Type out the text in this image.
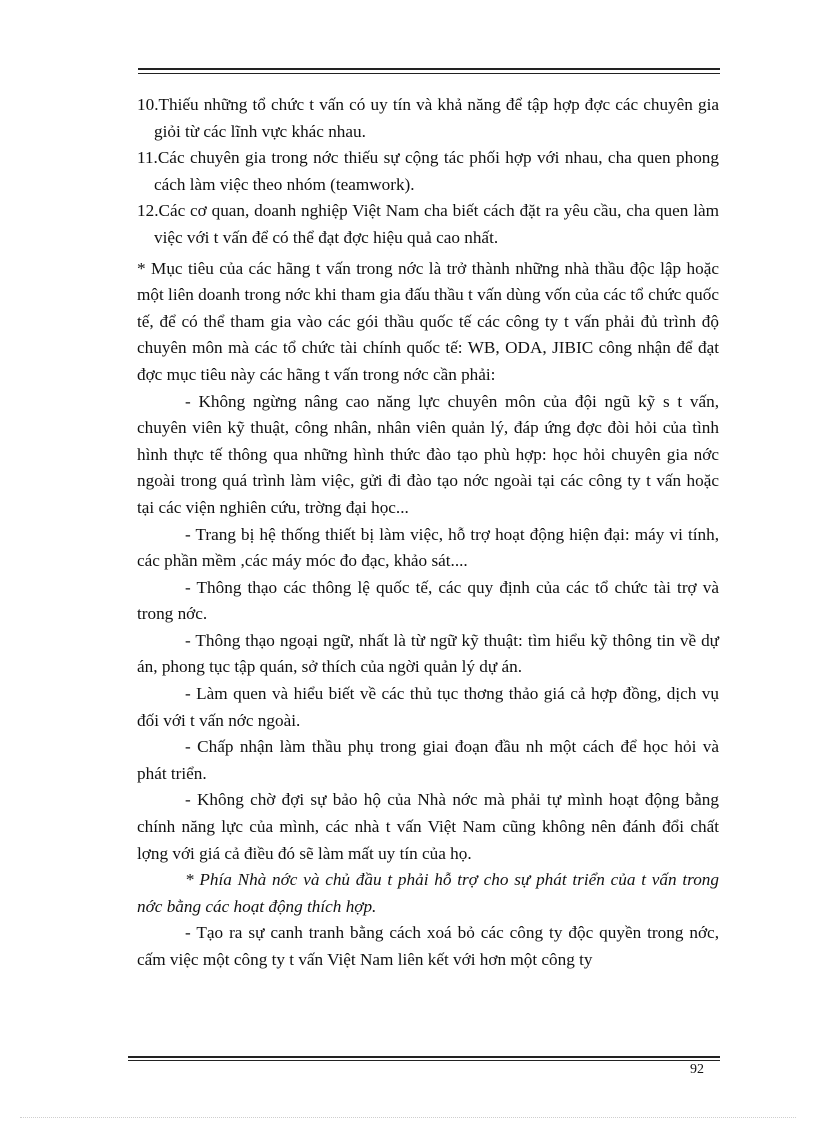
10.Thiếu những tổ chức t vấn có uy tín và khả năng để tập hợp đợc các chuyên gia giỏi từ các lĩnh vực khác nhau.

11.Các chuyên gia trong nớc thiếu sự cộng tác phối hợp với nhau, cha quen phong cách làm việc theo nhóm (teamwork).

12.Các cơ quan, doanh nghiệp Việt Nam cha biết cách đặt ra yêu cầu, cha quen làm việc với t vấn để có thể đạt đợc hiệu quả cao nhất.

* Mục tiêu của các hãng t vấn trong nớc là trở thành những nhà thầu độc lập hoặc một liên doanh trong nớc khi tham gia đấu thầu t vấn dùng vốn của các tổ chức quốc tế, để có thể tham gia vào các gói thầu quốc tế các công ty t vấn phải đủ trình độ chuyên môn mà các tổ chức tài chính quốc tế: WB, ODA, JIBIC công nhận để đạt đợc mục tiêu này các hãng t vấn trong nớc cần phải:

- Không ngừng nâng cao năng lực chuyên môn của đội ngũ kỹ s t vấn, chuyên viên kỹ thuật, công nhân, nhân viên quản lý, đáp ứng đợc đòi hỏi của tình hình thực tế thông qua những hình thức đào tạo phù hợp: học hỏi chuyên gia nớc ngoài trong quá trình làm việc, gửi đi đào tạo nớc ngoài tại các công ty t vấn hoặc tại các viện nghiên cứu, trờng đại học...

- Trang bị hệ thống thiết bị làm việc, hỗ trợ hoạt động hiện đại: máy vi tính, các phần mềm ,các máy móc đo đạc, khảo sát....

- Thông thạo các thông lệ quốc tế, các quy định của các tổ chức tài trợ và trong nớc.

- Thông thạo ngoại ngữ, nhất là từ ngữ kỹ thuật: tìm hiểu kỹ thông tin về dự án, phong tục tập quán, sở thích của ngời quản lý dự án.

- Làm quen và hiểu biết về các thủ tục thơng thảo giá cả hợp đồng, dịch vụ đối với t vấn nớc ngoài.

- Chấp nhận làm thầu phụ trong giai đoạn đầu nh một cách để học hỏi và phát triển.

- Không chờ đợi sự bảo hộ của Nhà nớc mà phải tự mình hoạt động bằng chính năng lực của mình, các nhà t vấn Việt Nam cũng không nên đánh đổi chất lợng với giá cả điều đó sẽ làm mất uy tín của họ.

* Phía Nhà nớc và chủ đầu t phải hỗ trợ cho sự phát triển của t vấn trong nớc bằng các hoạt động thích hợp.

- Tạo ra sự canh tranh bằng cách xoá bỏ các công ty độc quyền trong nớc, cấm việc một công ty t vấn Việt Nam liên kết với hơn một công ty

92
